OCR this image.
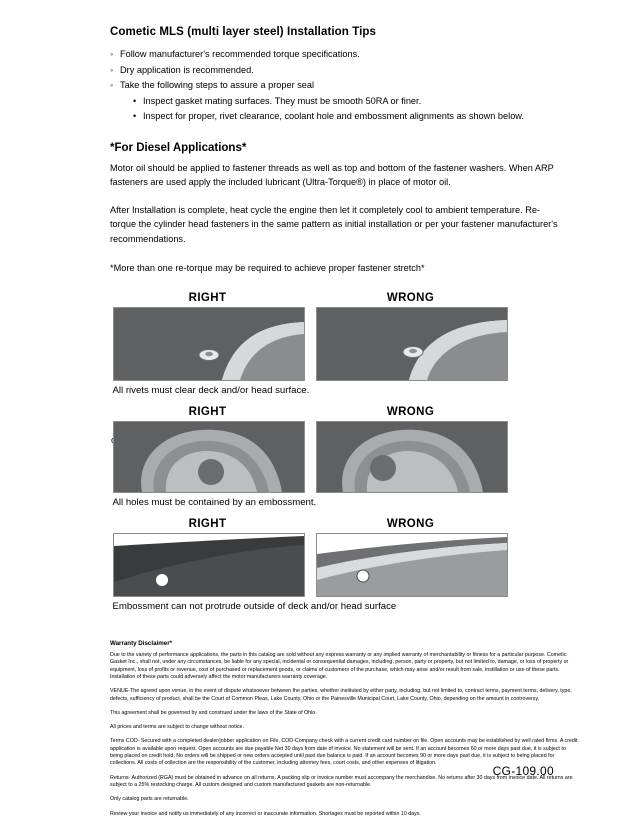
Cometic MLS (multi layer steel) Installation Tips
◦ Follow manufacturer's recommended torque specifications.
◦ Dry application is recommended.
◦ Take the following steps to assure a proper seal
• Inspect gasket mating surfaces. They must be smooth 50RA or finer.
• Inspect for proper, rivet clearance, coolant hole and embossment alignments as shown below.
*For Diesel Applications*

Motor oil should be applied to fastener threads as well as top and bottom of the fastener washers. When ARP fasteners are used apply the included lubricant (Ultra-Torque®) in place of motor oil.

After Installation is complete, heat cycle the engine then let it completely cool to ambient temperature. Re-torque the cylinder head fasteners in the same pattern as initial installation or per your fastener manufacturer's recommendations.

*More than one re-torque may be required to achieve proper fastener stretch*

RIGHT	WRONG

All rivets must clear deck and/or head surface.

RIGHT	WRONG

All holes must be contained by an embossment.

RIGHT	WRONG

Embossment can not protrude outside of deck and/or head surface

Warranty Disclaimer*

Due to the variety of performance applications, the parts in this catalog are sold without any express warranty or any implied warranty of merchantability or fitness for a particular purpose. Cometic Gasket Inc., shall not, under any circumstances, be liable for any special, incidental or consequential damages, including, person, party or property, but not limited to, damage, or loss of property or equipment, loss of profits or revenue, cost of purchased or replacement goods, or claims of customers of the purchase, which may arise and/or result from sale, instillation or use of these parts. Installation of these parts could adversely affect the motor manufacturers warranty coverage.

VENUE-The agreed upon venue, in the event of dispute whatsoever between the parties, whether instituted by either party, including, but not limited to, contract terms, payment terms, delivery, type, defects, sufficiency of product, shall be the Court of Common Pleas, Lake County, Ohio or the Painesville Municipal Court, Lake County, Ohio, depending on the amount in controversy.

This agreement shall be governed by and construed under the laws of the State of Ohio.

All prices and terms are subject to change without notice.

Terms COD- Secured with a completed dealer/jobber application on File, COD-Company check with a current credit card number on file. Open accounts may be established by well rated firms. A credit application is available upon request. Open accounts are due payable Net 30 days from date of invoice. No statement will be sent. If an account becomes 60 or more days past due, it is subject to being placed on credit hold. No orders will be shipped or new orders accepted until past due balance is paid. If an account becomes 90 or more days past due, it is subject to being placed for collections. All costs of collection are the responsibility of the customer, including attorney fees, court costs, and other expenses of litigation.

Returns- Authorized (RGA) must be obtained in advance on all returns. A packing slip or invoice number must accompany the merchandise. No returns after 30 days from invoice date. All returns are subject to a 25% restocking charge. All custom designed and custom manufactured gaskets are non-returnable.

Only catalog parts are returnable.

Review your invoice and notify us immediately of any incorrect or inaccurate information. Shortages must be reported within 10 days.

CG-109.00
